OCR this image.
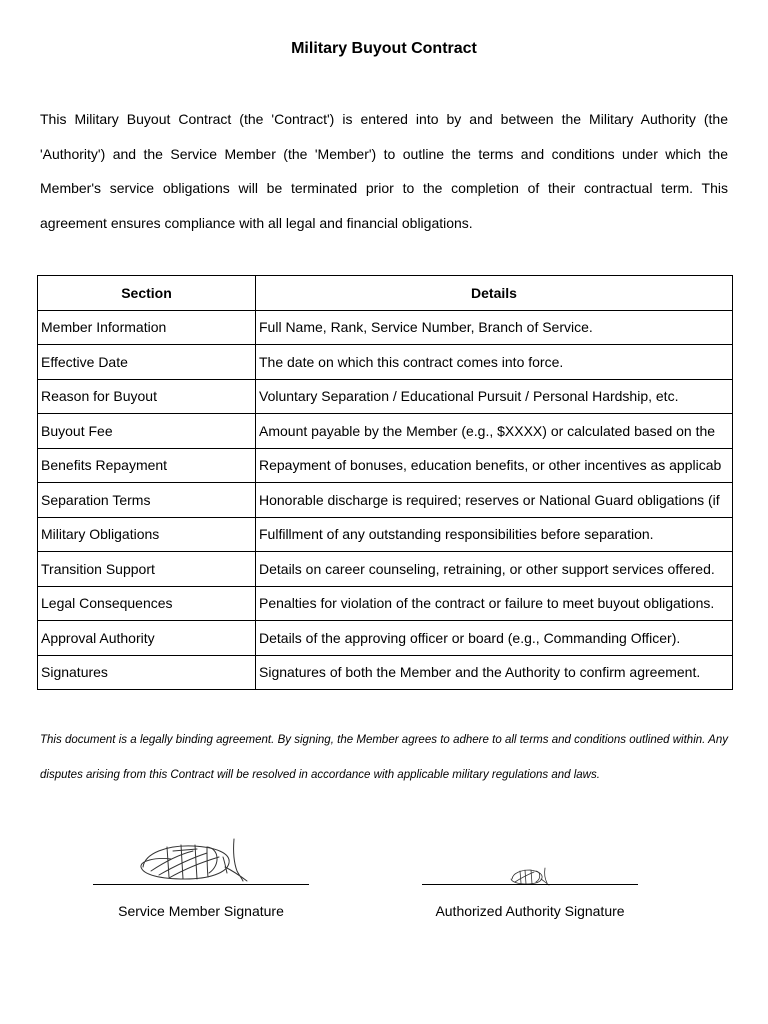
Military Buyout Contract
This Military Buyout Contract (the 'Contract') is entered into by and between the Military Authority (the 'Authority') and the Service Member (the 'Member') to outline the terms and conditions under which the Member's service obligations will be terminated prior to the completion of their contractual term. This agreement ensures compliance with all legal and financial obligations.
Section	Details
Member Information	Full Name, Rank, Service Number, Branch of Service.
Effective Date	The date on which this contract comes into force.
Reason for Buyout	Voluntary Separation / Educational Pursuit / Personal Hardship, etc.
Buyout Fee	Amount payable by the Member (e.g., $XXXX) or calculated based on the
Benefits Repayment	Repayment of bonuses, education benefits, or other incentives as applicab
Separation Terms	Honorable discharge is required; reserves or National Guard obligations (if
Military Obligations	Fulfillment of any outstanding responsibilities before separation.
Transition Support	Details on career counseling, retraining, or other support services offered.
Legal Consequences	Penalties for violation of the contract or failure to meet buyout obligations.
Approval Authority	Details of the approving officer or board (e.g., Commanding Officer).
Signatures	Signatures of both the Member and the Authority to confirm agreement.
This document is a legally binding agreement. By signing, the Member agrees to adhere to all terms and conditions outlined within. Any disputes arising from this Contract will be resolved in accordance with applicable military regulations and laws.
Service Member Signature	Authorized Authority Signature
